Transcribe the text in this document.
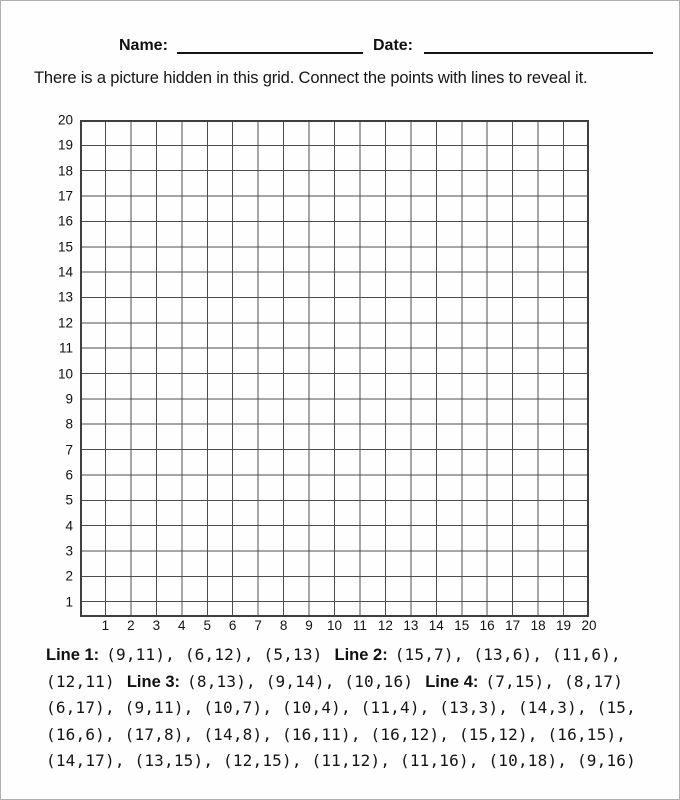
Name:	Date:
There is a picture hidden in this grid. Connect the points with lines to reveal it.
20
19
18
17
16
15
14
13
12
11
10
9
8
7
6
5
4
3
2
1
1 2 3 4 5 6 7 8 9 10 11 12 13 14 15 16 17 18 19 20
Line 1: (9,11), (6,12), (5,13) Line 2: (15,7), (13,6), (11,6),
(12,11) Line 3: (8,13), (9,14), (10,16) Line 4: (7,15), (8,17)
(6,17), (9,11), (10,7), (10,4), (11,4), (13,3), (14,3), (15,
(16,6), (17,8), (14,8), (16,11), (16,12), (15,12), (16,15),
(14,17), (13,15), (12,15), (11,12), (11,16), (10,18), (9,16)
